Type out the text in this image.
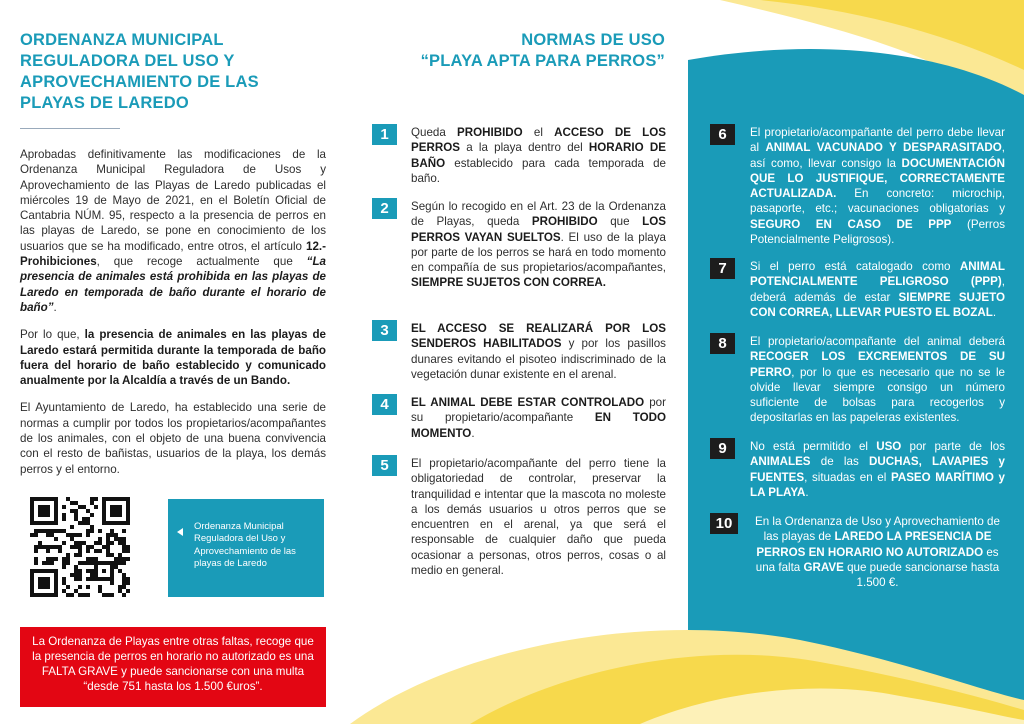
ORDENANZA MUNICIPAL REGULADORA DEL USO Y APROVECHAMIENTO DE LAS PLAYAS DE LAREDO
Aprobadas definitivamente las modificaciones de la Ordenanza Municipal Reguladora de Usos y Aprovechamiento de las Playas de Laredo publicadas el miércoles 19 de Mayo de 2021, en el Boletín Oficial de Cantabria NÚM. 95, respecto a la presencia de perros en las playas de Laredo, se pone en conocimiento de los usuarios que se ha modificado, entre otros, el artículo 12.- Prohibiciones, que recoge actualmente que “La presencia de animales está prohibida en las playas de Laredo en temporada de baño durante el horario de baño”.
Por lo que, la presencia de animales en las playas de Laredo estará permitida durante la temporada de baño fuera del horario de baño establecido y comunicado anualmente por la Alcaldía a través de un Bando.
El Ayuntamiento de Laredo, ha establecido una serie de normas a cumplir por todos los propietarios/acompañantes de los animales, con el objeto de una buena convivencia con el resto de bañistas, usuarios de la playa, los demás perros y el entorno.
Ordenanza Municipal Reguladora del Uso y Aprovechamiento de las playas de Laredo
La Ordenanza de Playas entre otras faltas, recoge que la presencia de perros en horario no autorizado es una FALTA GRAVE y puede sancionarse con una multa “desde 751 hasta los 1.500 €uros”.
NORMAS DE USO
“PLAYA APTA PARA PERROS”
1	Queda PROHIBIDO el ACCESO DE LOS PERROS a la playa dentro del HORARIO DE BAÑO establecido para cada temporada de baño.
2	Según lo recogido en el Art. 23 de la Ordenanza de Playas, queda PROHIBIDO que LOS PERROS VAYAN SUELTOS. El uso de la playa por parte de los perros se hará en todo momento en compañía de sus propietarios/acompañantes, SIEMPRE SUJETOS CON CORREA.
3	EL ACCESO SE REALIZARÁ POR LOS SENDEROS HABILITADOS y por los pasillos dunares evitando el pisoteo indiscriminado de la vegetación dunar existente en el arenal.
4	EL ANIMAL DEBE ESTAR CONTROLADO por su propietario/acompañante EN TODO MOMENTO.
5	El propietario/acompañante del perro tiene la obligatoriedad de controlar, preservar la tranquilidad e intentar que la mascota no moleste a los demás usuarios u otros perros que se encuentren en el arenal, ya que será el responsable de cualquier daño que pueda ocasionar a personas, otros perros, cosas o al medio en general.
6	El propietario/acompañante del perro debe llevar al ANIMAL VACUNADO Y DESPARASITADO, así como, llevar consigo la DOCUMENTACIÓN QUE LO JUSTIFIQUE, CORRECTAMENTE ACTUALIZADA. En concreto: microchip, pasaporte, etc.; vacunaciones obligatorias y SEGURO EN CASO DE PPP (Perros Potencialmente Peligrosos).
7	Si el perro está catalogado como ANIMAL POTENCIALMENTE PELIGROSO (PPP), deberá además de estar SIEMPRE SUJETO CON CORREA, LLEVAR PUESTO EL BOZAL.
8	El propietario/acompañante del animal deberá RECOGER LOS EXCREMENTOS DE SU PERRO, por lo que es necesario que no se le olvide llevar siempre consigo un número suficiente de bolsas para recogerlos y depositarlas en las papeleras existentes.
9	No está permitido el USO por parte de los ANIMALES de las DUCHAS, LAVAPIES y FUENTES, situadas en el PASEO MARÍTIMO y LA PLAYA.
10	En la Ordenanza de Uso y Aprovechamiento de las playas de LAREDO LA PRESENCIA DE PERROS EN HORARIO NO AUTORIZADO es una falta GRAVE que puede sancionarse hasta 1.500 €.
